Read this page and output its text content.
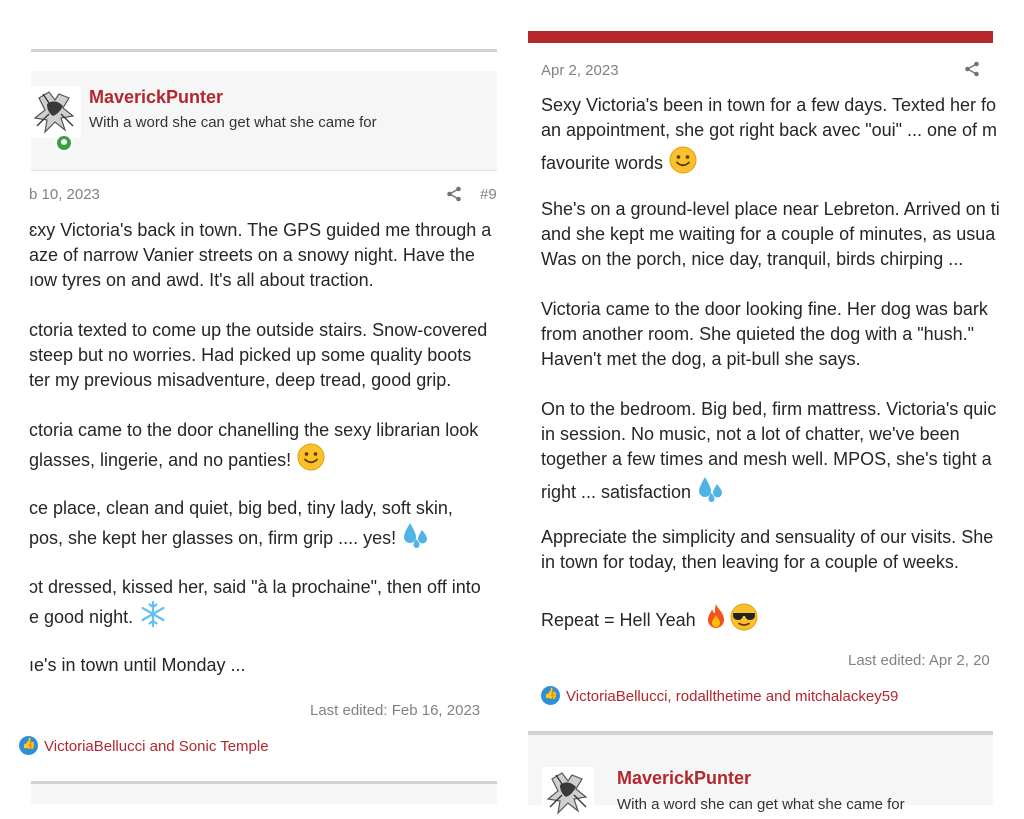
MaverickPunter
With a word she can get what she came for
b 10, 2023	#9
ɛxy Victoria's back in town. The GPS guided me through a
aze of narrow Vanier streets on a snowy night. Have the
ıow tyres on and awd. It's all about traction.
ctoria texted to come up the outside stairs. Snow-covered
steep but no worries. Had picked up some quality boots
ter my previous misadventure, deep tread, good grip.
ctoria came to the door chanelling the sexy librarian look
glasses, lingerie, and no panties!
ce place, clean and quiet, big bed, tiny lady, soft skin,
pos, she kept her glasses on, firm grip .... yes!
ɔt dressed, kissed her, said "à la prochaine", then off into
e good night.
ıe's in town until Monday ...
Last edited: Feb 16, 2023
👍VictoriaBellucci and Sonic Temple
Apr 2, 2023
Sexy Victoria's been in town for a few days. Texted her fo
an appointment, she got right back avec "oui" ... one of m
favourite words
She's on a ground-level place near Lebreton. Arrived on ti
and she kept me waiting for a couple of minutes, as usua
Was on the porch, nice day, tranquil, birds chirping ...
Victoria came to the door looking fine. Her dog was bark
from another room. She quieted the dog with a "hush."
Haven't met the dog, a pit-bull she says.
On to the bedroom. Big bed, firm mattress. Victoria's quic
in session. No music, not a lot of chatter, we've been
together a few times and mesh well. MPOS, she's tight a
right ... satisfaction
Appreciate the simplicity and sensuality of our visits. She
in town for today, then leaving for a couple of weeks.
Repeat = Hell Yeah
Last edited: Apr 2, 20
👍VictoriaBellucci, rodallthetime and mitchalackey59
MaverickPunter
With a word she can get what she came for
